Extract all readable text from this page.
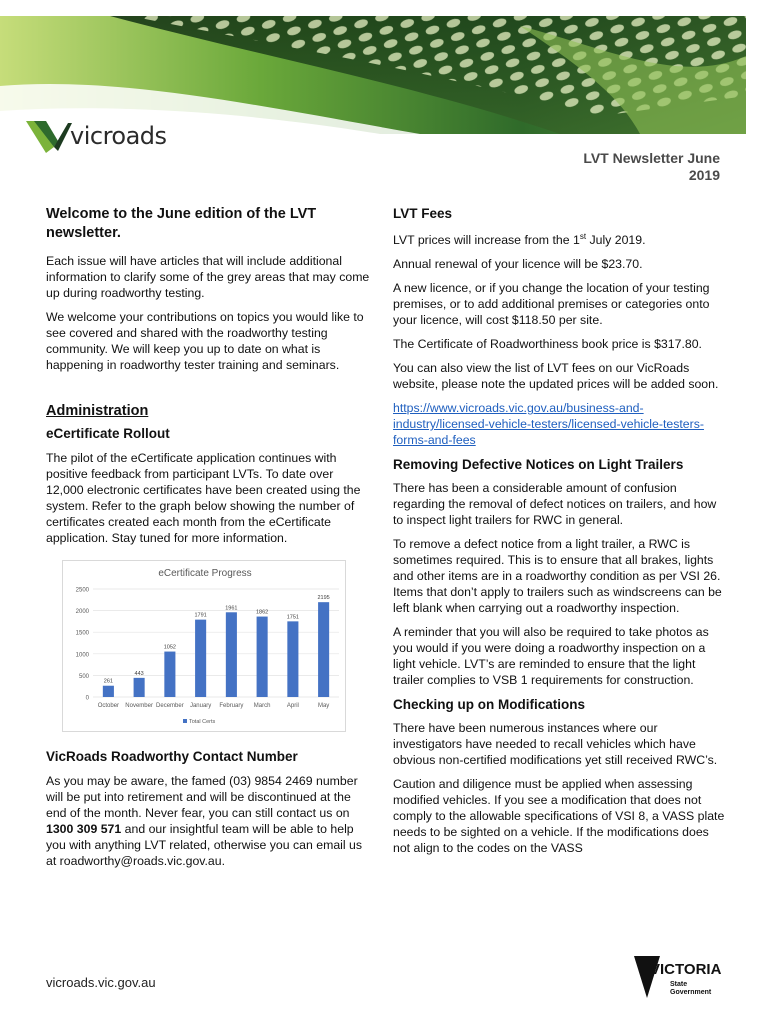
vicroads
LVT Newsletter June
2019
Welcome to the June edition of the LVT newsletter.

Each issue will have articles that will include additional information to clarify some of the grey areas that may come up during roadworthy testing.

We welcome your contributions on topics you would like to see covered and shared with the roadworthy testing community. We will keep you up to date on what is happening in roadworthy tester training and seminars.

Administration
eCertificate Rollout

The pilot of the eCertificate application continues with positive feedback from participant LVTs. To date over 12,000 electronic certificates have been created using the system. Refer to the graph below showing the number of certificates created each month from the eCertificate application. Stay tuned for more information.

eCertificate Progress
0
500
1000
1500
2000
2500
261
October
443
November
1052
December
1791
January
1961
February
1862
March
1751
April
2195
May
Total Certs
VicRoads Roadworthy Contact Number

As you may be aware, the famed (03) 9854 2469 number will be put into retirement and will be discontinued at the end of the month. Never fear, you can still contact us on 1300 309 571 and our insightful team will be able to help you with anything LVT related, otherwise you can email us at roadworthy@roads.vic.gov.au.

LVT Fees

LVT prices will increase from the 1st July 2019.

Annual renewal of your licence will be $23.70.

A new licence, or if you change the location of your testing premises, or to add additional premises or categories onto your licence, will cost $118.50 per site.

The Certificate of Roadworthiness book price is $317.80.

You can also view the list of LVT fees on our VicRoads website, please note the updated prices will be added soon.

https://www.vicroads.vic.gov.au/business-and-industry/licensed-vehicle-testers/licensed-vehicle-testers-forms-and-fees

Removing Defective Notices on Light Trailers

There has been a considerable amount of confusion regarding the removal of defect notices on trailers, and how to inspect light trailers for RWC in general.

To remove a defect notice from a light trailer, a RWC is sometimes required. This is to ensure that all brakes, lights and other items are in a roadworthy condition as per VSI 26. Items that don’t apply to trailers such as windscreens can be left blank when carrying out a roadworthy inspection.

A reminder that you will also be required to take photos as you would if you were doing a roadworthy inspection on a light vehicle. LVT’s are reminded to ensure that the light trailer complies to VSB 1 requirements for construction.

Checking up on Modifications

There have been numerous instances where our investigators have needed to recall vehicles which have obvious non-certified modifications yet still received RWC’s.

Caution and diligence must be applied when assessing modified vehicles. If you see a modification that does not comply to the allowable specifications of VSI 8, a VASS plate needs to be sighted on a vehicle. If the modifications does not align to the codes on the VASS

vicroads.vic.gov.au
VICTORIA
State
Government
